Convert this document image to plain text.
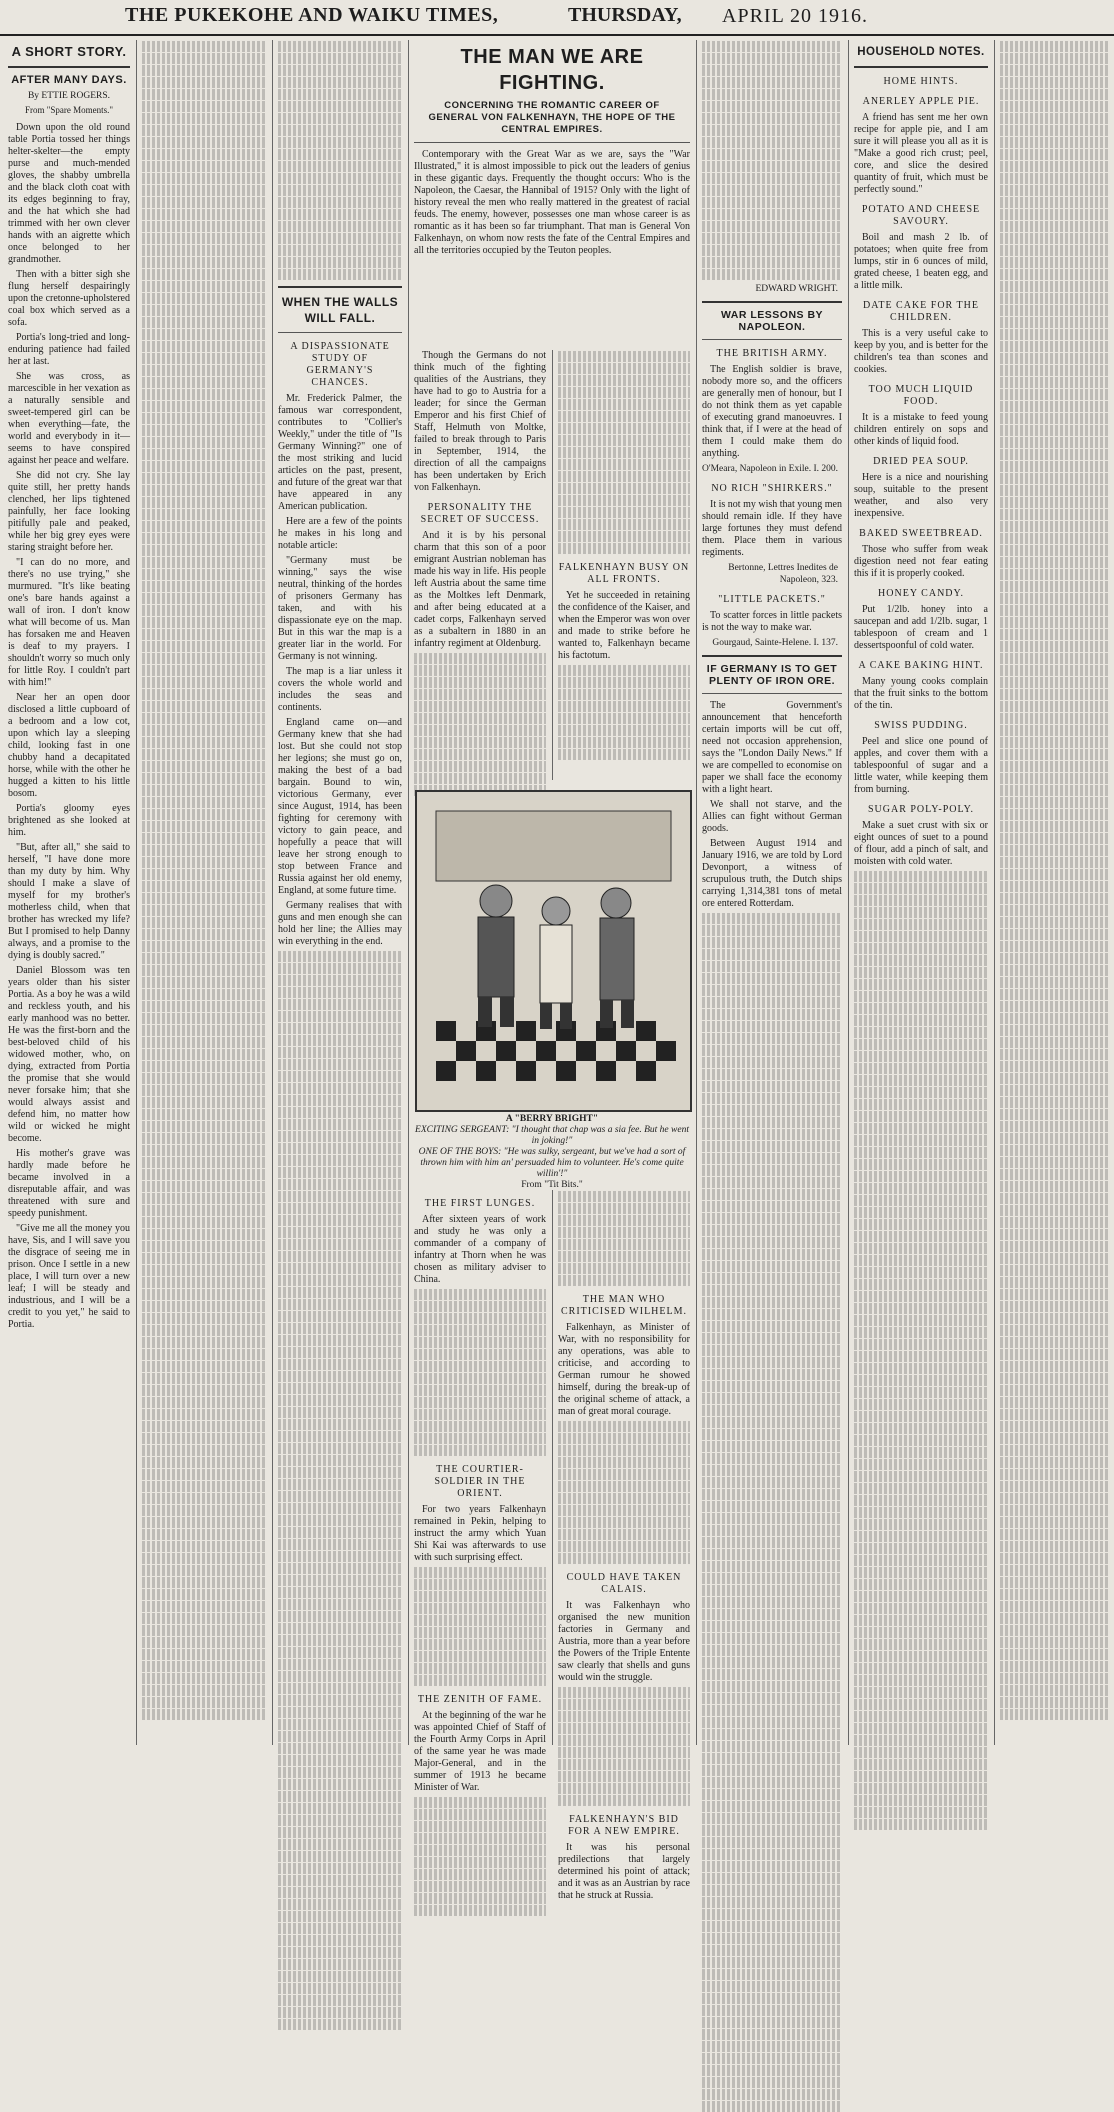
THE PUKEKOHE AND WAIKU TIMES,	THURSDAY, APRIL 20 1916.
A SHORT STORY.
AFTER MANY DAYS.
By ETTIE ROGERS.
From "Spare Moments."

Down upon the old round table Portia tossed her things helter-skelter—the empty purse and much-mended gloves, the shabby umbrella and the black cloth coat with its edges beginning to fray, and the hat which she had trimmed with her own clever hands with an aigrette which once belonged to her grandmother.

Then with a bitter sigh she flung herself despairingly upon the cretonne-upholstered coal box which served as a sofa.

Portia's long-tried and long-enduring patience had failed her at last.

She was cross, as marcescible in her vexation as a naturally sensible and sweet-tempered girl can be when everything—fate, the world and everybody in it—seems to have conspired against her peace and welfare.

She did not cry. She lay quite still, her pretty hands clenched, her lips tightened painfully, her face looking pitifully pale and peaked, while her big grey eyes were staring straight before her.

"I can do no more, and there's no use trying," she murmured. "It's like beating one's bare hands against a wall of iron. I don't know what will become of us. Man has forsaken me and Heaven is deaf to my prayers. I shouldn't worry so much only for little Roy. I couldn't part with him!"

Near her an open door disclosed a little cupboard of a bedroom and a low cot, upon which lay a sleeping child, looking fast in one chubby hand a decapitated horse, while with the other he hugged a kitten to his little bosom.

Portia's gloomy eyes brightened as she looked at him.

"But, after all," she said to herself, "I have done more than my duty by him. Why should I make a slave of myself for my brother's motherless child, when that brother has wrecked my life? But I promised to help Danny always, and a promise to the dying is doubly sacred."

Daniel Blossom was ten years older than his sister Portia. As a boy he was a wild and reckless youth, and his early manhood was no better. He was the first-born and the best-beloved child of his widowed mother, who, on dying, extracted from Portia the promise that she would never forsake him; that she would always assist and defend him, no matter how wild or wicked he might become.

His mother's grave was hardly made before he became involved in a disreputable affair, and was threatened with sure and speedy punishment.

"Give me all the money you have, Sis, and I will save you the disgrace of seeing me in prison. Once I settle in a new place, I will turn over a new leaf; I will be steady and industrious, and I will be a credit to you yet," he said to Portia.

WHEN THE WALLS WILL FALL.
A DISPASSIONATE STUDY OF GERMANY'S CHANCES.

Mr. Frederick Palmer, the famous war correspondent, contributes to "Collier's Weekly," under the title of "Is Germany Winning?" one of the most striking and lucid articles on the past, present, and future of the great war that have appeared in any American publication.

Here are a few of the points he makes in his long and notable article:

"Germany must be winning," says the wise neutral, thinking of the hordes of prisoners Germany has taken, and with his dispassionate eye on the map. But in this war the map is a greater liar in the world. For Germany is not winning.

The map is a liar unless it covers the whole world and includes the seas and continents.

England came on—and Germany knew that she had lost. But she could not stop her legions; she must go on, making the best of a bad bargain. Bound to win, victorious Germany, ever since August, 1914, has been fighting for ceremony with victory to gain peace, and hopefully a peace that will leave her strong enough to stop between France and Russia against her old enemy, England, at some future time.

Germany realises that with guns and men enough she can hold her line; the Allies may win everything in the end.

THE MAN WE ARE FIGHTING.
CONCERNING THE ROMANTIC CAREER OF GENERAL VON FALKENHAYN, THE HOPE OF THE CENTRAL EMPIRES.

Contemporary with the Great War as we are, says the "War Illustrated," it is almost impossible to pick out the leaders of genius in these gigantic days. Frequently the thought occurs: Who is the Napoleon, the Caesar, the Hannibal of 1915? Only with the light of history reveal the men who really mattered in the greatest of racial feuds. The enemy, however, possesses one man whose career is as romantic as it has been so far triumphant. That man is General Von Falkenhayn, on whom now rests the fate of the Central Empires and all the territories occupied by the Teuton peoples.

Though the Germans do not think much of the fighting qualities of the Austrians, they have had to go to Austria for a leader; for since the German Emperor and his first Chief of Staff, Helmuth von Moltke, failed to break through to Paris in September, 1914, the direction of all the campaigns has been undertaken by Erich von Falkenhayn.

PERSONALITY THE SECRET OF SUCCESS.

And it is by his personal charm that this son of a poor emigrant Austrian nobleman has made his way in life. His people left Austria about the same time as the Moltkes left Denmark, and after being educated at a cadet corps, Falkenhayn served as a subaltern in 1880 in an infantry regiment at Oldenburg.

FALKENHAYN BUSY ON ALL FRONTS.

Yet he succeeded in retaining the confidence of the Kaiser, and when the Emperor was won over and made to strike before he wanted to, Falkenhayn became his factotum.

A "BERRY BRIGHT"
EXCITING SERGEANT: "I thought that chap was a sia fee. But he went in joking!"
ONE OF THE BOYS: "He was sulky, sergeant, but we've had a sort of thrown him with him an' persuaded him to volunteer. He's come quite willin'!"
From "Tit Bits."
THE FIRST LUNGES.

After sixteen years of work and study he was only a commander of a company of infantry at Thorn when he was chosen as military adviser to China.

THE COURTIER-SOLDIER IN THE ORIENT.

For two years Falkenhayn remained in Pekin, helping to instruct the army which Yuan Shi Kai was afterwards to use with such surprising effect.

THE ZENITH OF FAME.

At the beginning of the war he was appointed Chief of Staff of the Fourth Army Corps in April of the same year he was made Major-General, and in the summer of 1913 he became Minister of War.

THE MAN WHO CRITICISED WILHELM.

Falkenhayn, as Minister of War, with no responsibility for any operations, was able to criticise, and according to German rumour he showed himself, during the break-up of the original scheme of attack, a man of great moral courage.

COULD HAVE TAKEN CALAIS.

It was Falkenhayn who organised the new munition factories in Germany and Austria, more than a year before the Powers of the Triple Entente saw clearly that shells and guns would win the struggle.

FALKENHAYN'S BID FOR A NEW EMPIRE.

It was his personal predilections that largely determined his point of attack; and it was as an Austrian by race that he struck at Russia.

EDWARD WRIGHT.
WAR LESSONS BY NAPOLEON.
THE BRITISH ARMY.

The English soldier is brave, nobody more so, and the officers are generally men of honour, but I do not think them as yet capable of executing grand manoeuvres. I think that, if I were at the head of them I could make them do anything.

O'Meara, Napoleon in Exile. I. 200.
NO RICH "SHIRKERS."

It is not my wish that young men should remain idle. If they have large fortunes they must defend them. Place them in various regiments.

Bertonne, Lettres Inedites de Napoleon, 323.
"LITTLE PACKETS."

To scatter forces in little packets is not the way to make war.

Gourgaud, Sainte-Helene. I. 137.
IF GERMANY IS TO GET PLENTY OF IRON ORE.

The Government's announcement that henceforth certain imports will be cut off, need not occasion apprehension, says the "London Daily News." If we are compelled to economise on paper we shall face the economy with a light heart.

We shall not starve, and the Allies can fight without German goods.

Between August 1914 and January 1916, we are told by Lord Devonport, a witness of scrupulous truth, the Dutch ships carrying 1,314,381 tons of metal ore entered Rotterdam.

HOUSEHOLD NOTES.
HOME HINTS.
ANERLEY APPLE PIE.

A friend has sent me her own recipe for apple pie, and I am sure it will please you all as it is "Make a good rich crust; peel, core, and slice the desired quantity of fruit, which must be perfectly sound."

POTATO AND CHEESE SAVOURY.

Boil and mash 2 lb. of potatoes; when quite free from lumps, stir in 6 ounces of mild, grated cheese, 1 beaten egg, and a little milk.

DATE CAKE FOR THE CHILDREN.

This is a very useful cake to keep by you, and is better for the children's tea than scones and cookies.

TOO MUCH LIQUID FOOD.

It is a mistake to feed young children entirely on sops and other kinds of liquid food.

DRIED PEA SOUP.

Here is a nice and nourishing soup, suitable to the present weather, and also very inexpensive.

BAKED SWEETBREAD.

Those who suffer from weak digestion need not fear eating this if it is properly cooked.

HONEY CANDY.

Put 1/2lb. honey into a saucepan and add 1/2lb. sugar, 1 tablespoon of cream and 1 dessertspoonful of cold water.

A CAKE BAKING HINT.

Many young cooks complain that the fruit sinks to the bottom of the tin.

SWISS PUDDING.

Peel and slice one pound of apples, and cover them with a tablespoonful of sugar and a little water, while keeping them from burning.

SUGAR POLY-POLY.

Make a suet crust with six or eight ounces of suet to a pound of flour, add a pinch of salt, and moisten with cold water.
